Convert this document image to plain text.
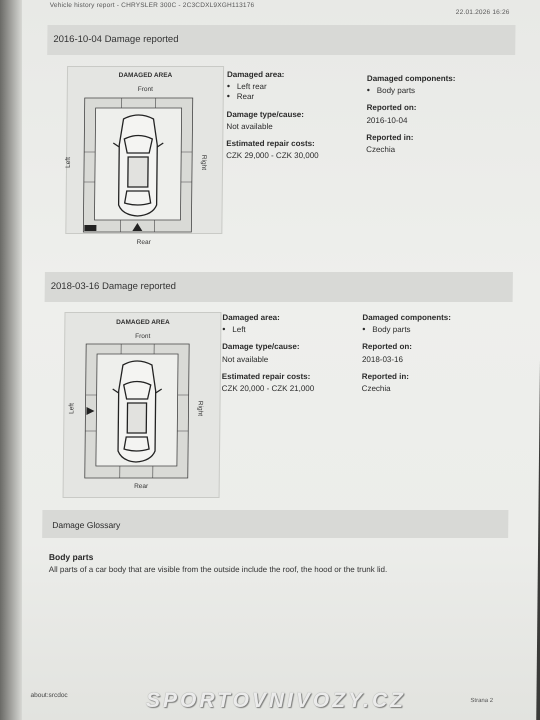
Vehicle history report - CHRYSLER 300C - 2C3CDXL9XGH113176
22.01.2026 16:26
2016-10-04 Damage reported
DAMAGED AREA
Front
Rear
Left	Right
Damaged area:
• Left rear
• Rear
Damage type/cause:
Not available
Estimated repair costs:
CZK 29,000 - CZK 30,000
Damaged components:
• Body parts
Reported on:
2016-10-04
Reported in:
Czechia
2018-03-16 Damage reported
DAMAGED AREA
Front
Rear
Left	Right
Damaged area:
• Left
Damage type/cause:
Not available
Estimated repair costs:
CZK 20,000 - CZK 21,000
Damaged components:
• Body parts
Reported on:
2018-03-16
Reported in:
Czechia
Damage Glossary
Body parts
All parts of a car body that are visible from the outside include the roof, the hood or the trunk lid.
about:srcdoc
Strana 2
SPORTOVNIVOZY.CZ
